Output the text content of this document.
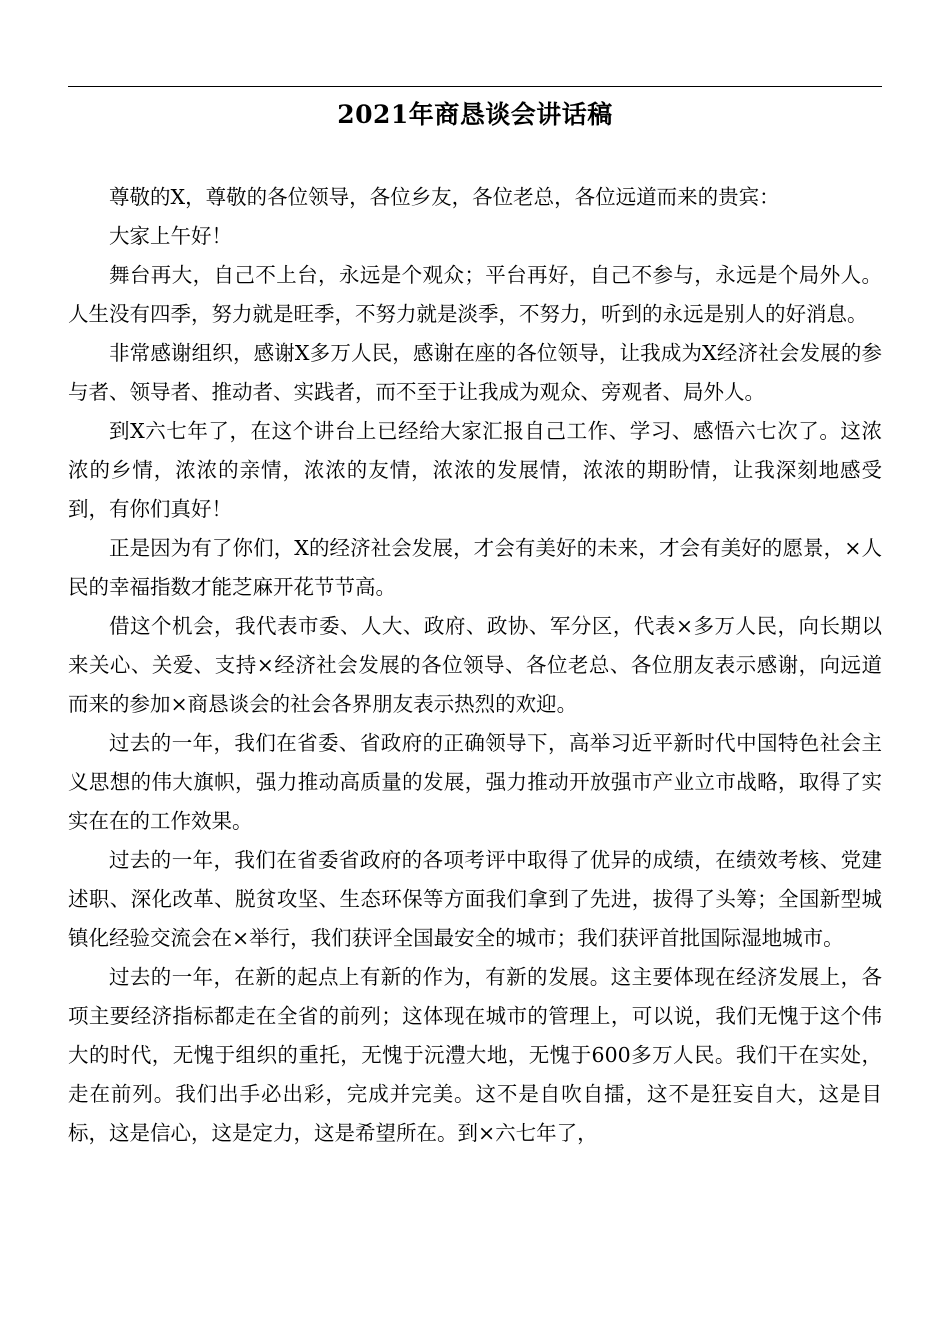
2021年商恳谈会讲话稿

尊敬的X，尊敬的各位领导，各位乡友，各位老总，各位远道而来的贵宾：

大家上午好！

舞台再大，自己不上台，永远是个观众；平台再好，自己不参与，永远是个局外人。人生没有四季，努力就是旺季，不努力就是淡季，不努力，听到的永远是别人的好消息。

非常感谢组织，感谢X多万人民，感谢在座的各位领导，让我成为X经济社会发展的参与者、领导者、推动者、实践者，而不至于让我成为观众、旁观者、局外人。

到X六七年了，在这个讲台上已经给大家汇报自己工作、学习、感悟六七次了。这浓浓的乡情，浓浓的亲情，浓浓的友情，浓浓的发展情，浓浓的期盼情，让我深刻地感受到，有你们真好！

正是因为有了你们，X的经济社会发展，才会有美好的未来，才会有美好的愿景，×人民的幸福指数才能芝麻开花节节高。

借这个机会，我代表市委、人大、政府、政协、军分区，代表×多万人民，向长期以来关心、关爱、支持×经济社会发展的各位领导、各位老总、各位朋友表示感谢，向远道而来的参加×商恳谈会的社会各界朋友表示热烈的欢迎。

过去的一年，我们在省委、省政府的正确领导下，高举习近平新时代中国特色社会主义思想的伟大旗帜，强力推动高质量的发展，强力推动开放强市产业立市战略，取得了实实在在的工作效果。

过去的一年，我们在省委省政府的各项考评中取得了优异的成绩，在绩效考核、党建述职、深化改革、脱贫攻坚、生态环保等方面我们拿到了先进，拔得了头筹；全国新型城镇化经验交流会在×举行，我们获评全国最安全的城市；我们获评首批国际湿地城市。

过去的一年，在新的起点上有新的作为，有新的发展。这主要体现在经济发展上，各项主要经济指标都走在全省的前列；这体现在城市的管理上，可以说，我们无愧于这个伟大的时代，无愧于组织的重托，无愧于沅澧大地，无愧于600多万人民。我们干在实处，走在前列。我们出手必出彩，完成并完美。这不是自吹自擂，这不是狂妄自大，这是目标，这是信心，这是定力，这是希望所在。到×六七年了，
